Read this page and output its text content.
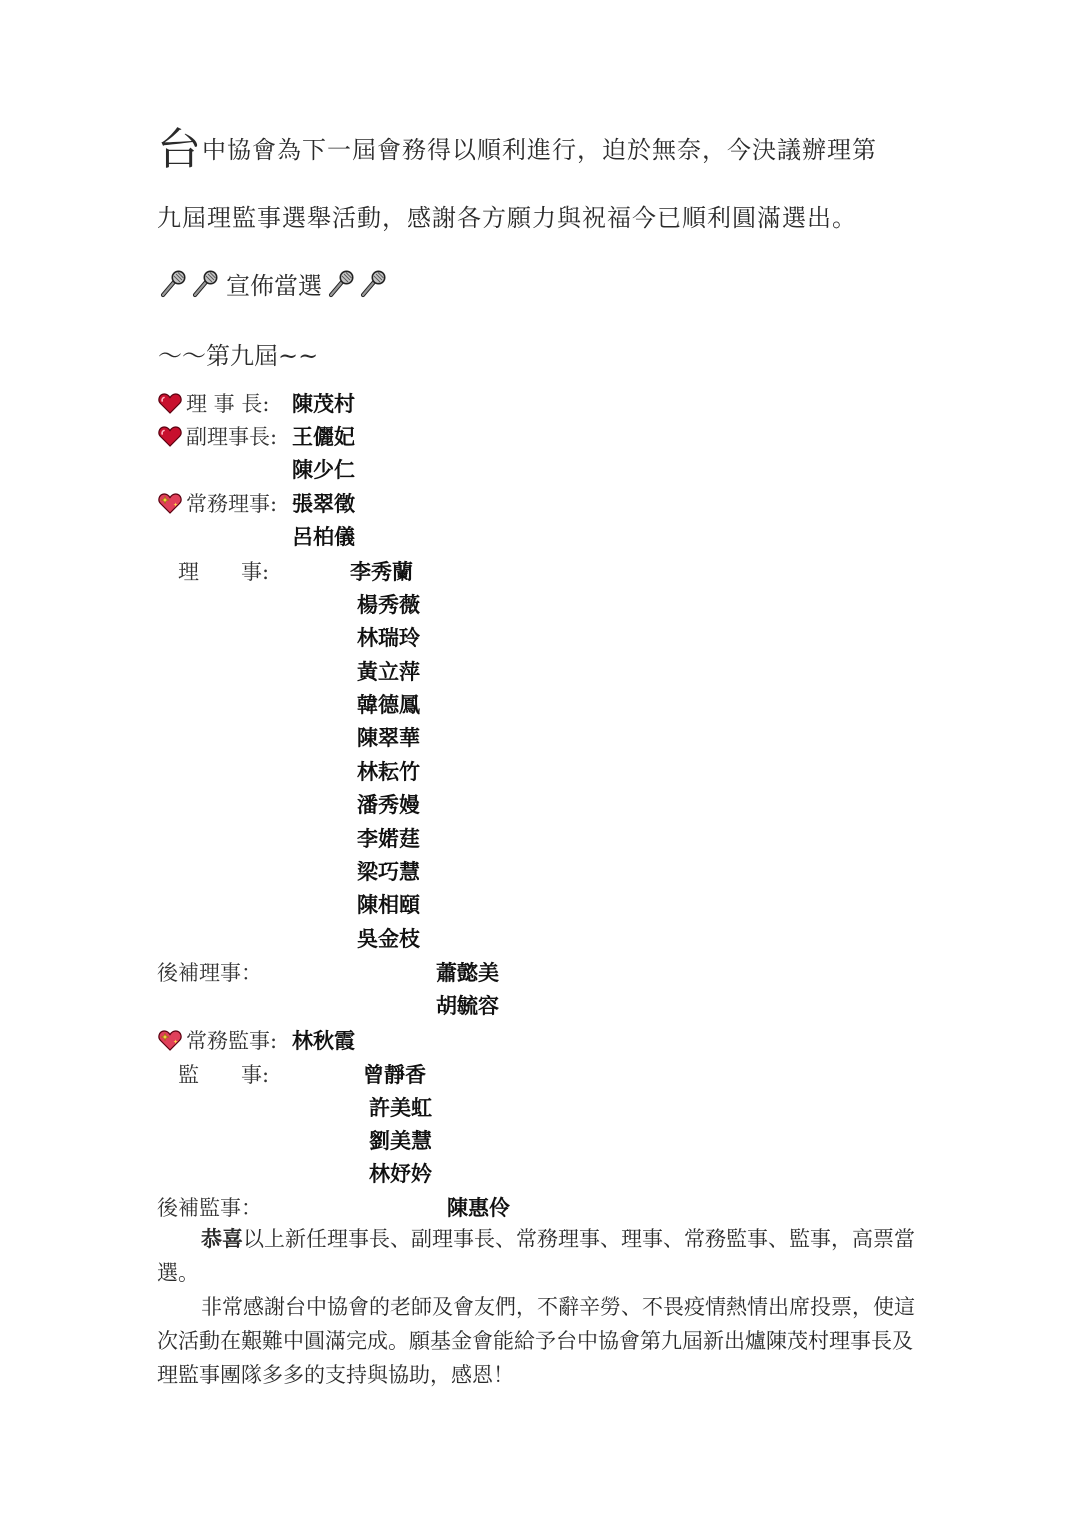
台中協會為下一屆會務得以順利進行，迫於無奈，今決議辦理第
九屆理監事選舉活動，感謝各方願力與祝福今已順利圓滿選出。
宣佈當選
～～第九屆~~
理 事 長: 陳茂村
副理事長: 王儷妃
陳少仁
常務理事: 張翠徵
呂柏儀
理　　事:	李秀蘭
楊秀薇
林瑞玲
黃立萍
韓德鳳
陳翠華
林耘竹
潘秀嫚
李婼莛
梁巧慧
陳相頤
吳金枝
後補理事：	蕭懿美
胡毓容
常務監事: 林秋霞
監　　事:	曾靜香
許美虹
劉美慧
林妤妗
後補監事：	陳惠伶
恭喜以上新任理事長、副理事長、常務理事、理事、常務監事、監事，高票當選。
非常感謝台中協會的老師及會友們，不辭辛勞、不畏疫情熱情出席投票，使這次活動在艱難中圓滿完成。願基金會能給予台中協會第九屆新出爐陳茂村理事長及理監事團隊多多的支持與協助，感恩！
